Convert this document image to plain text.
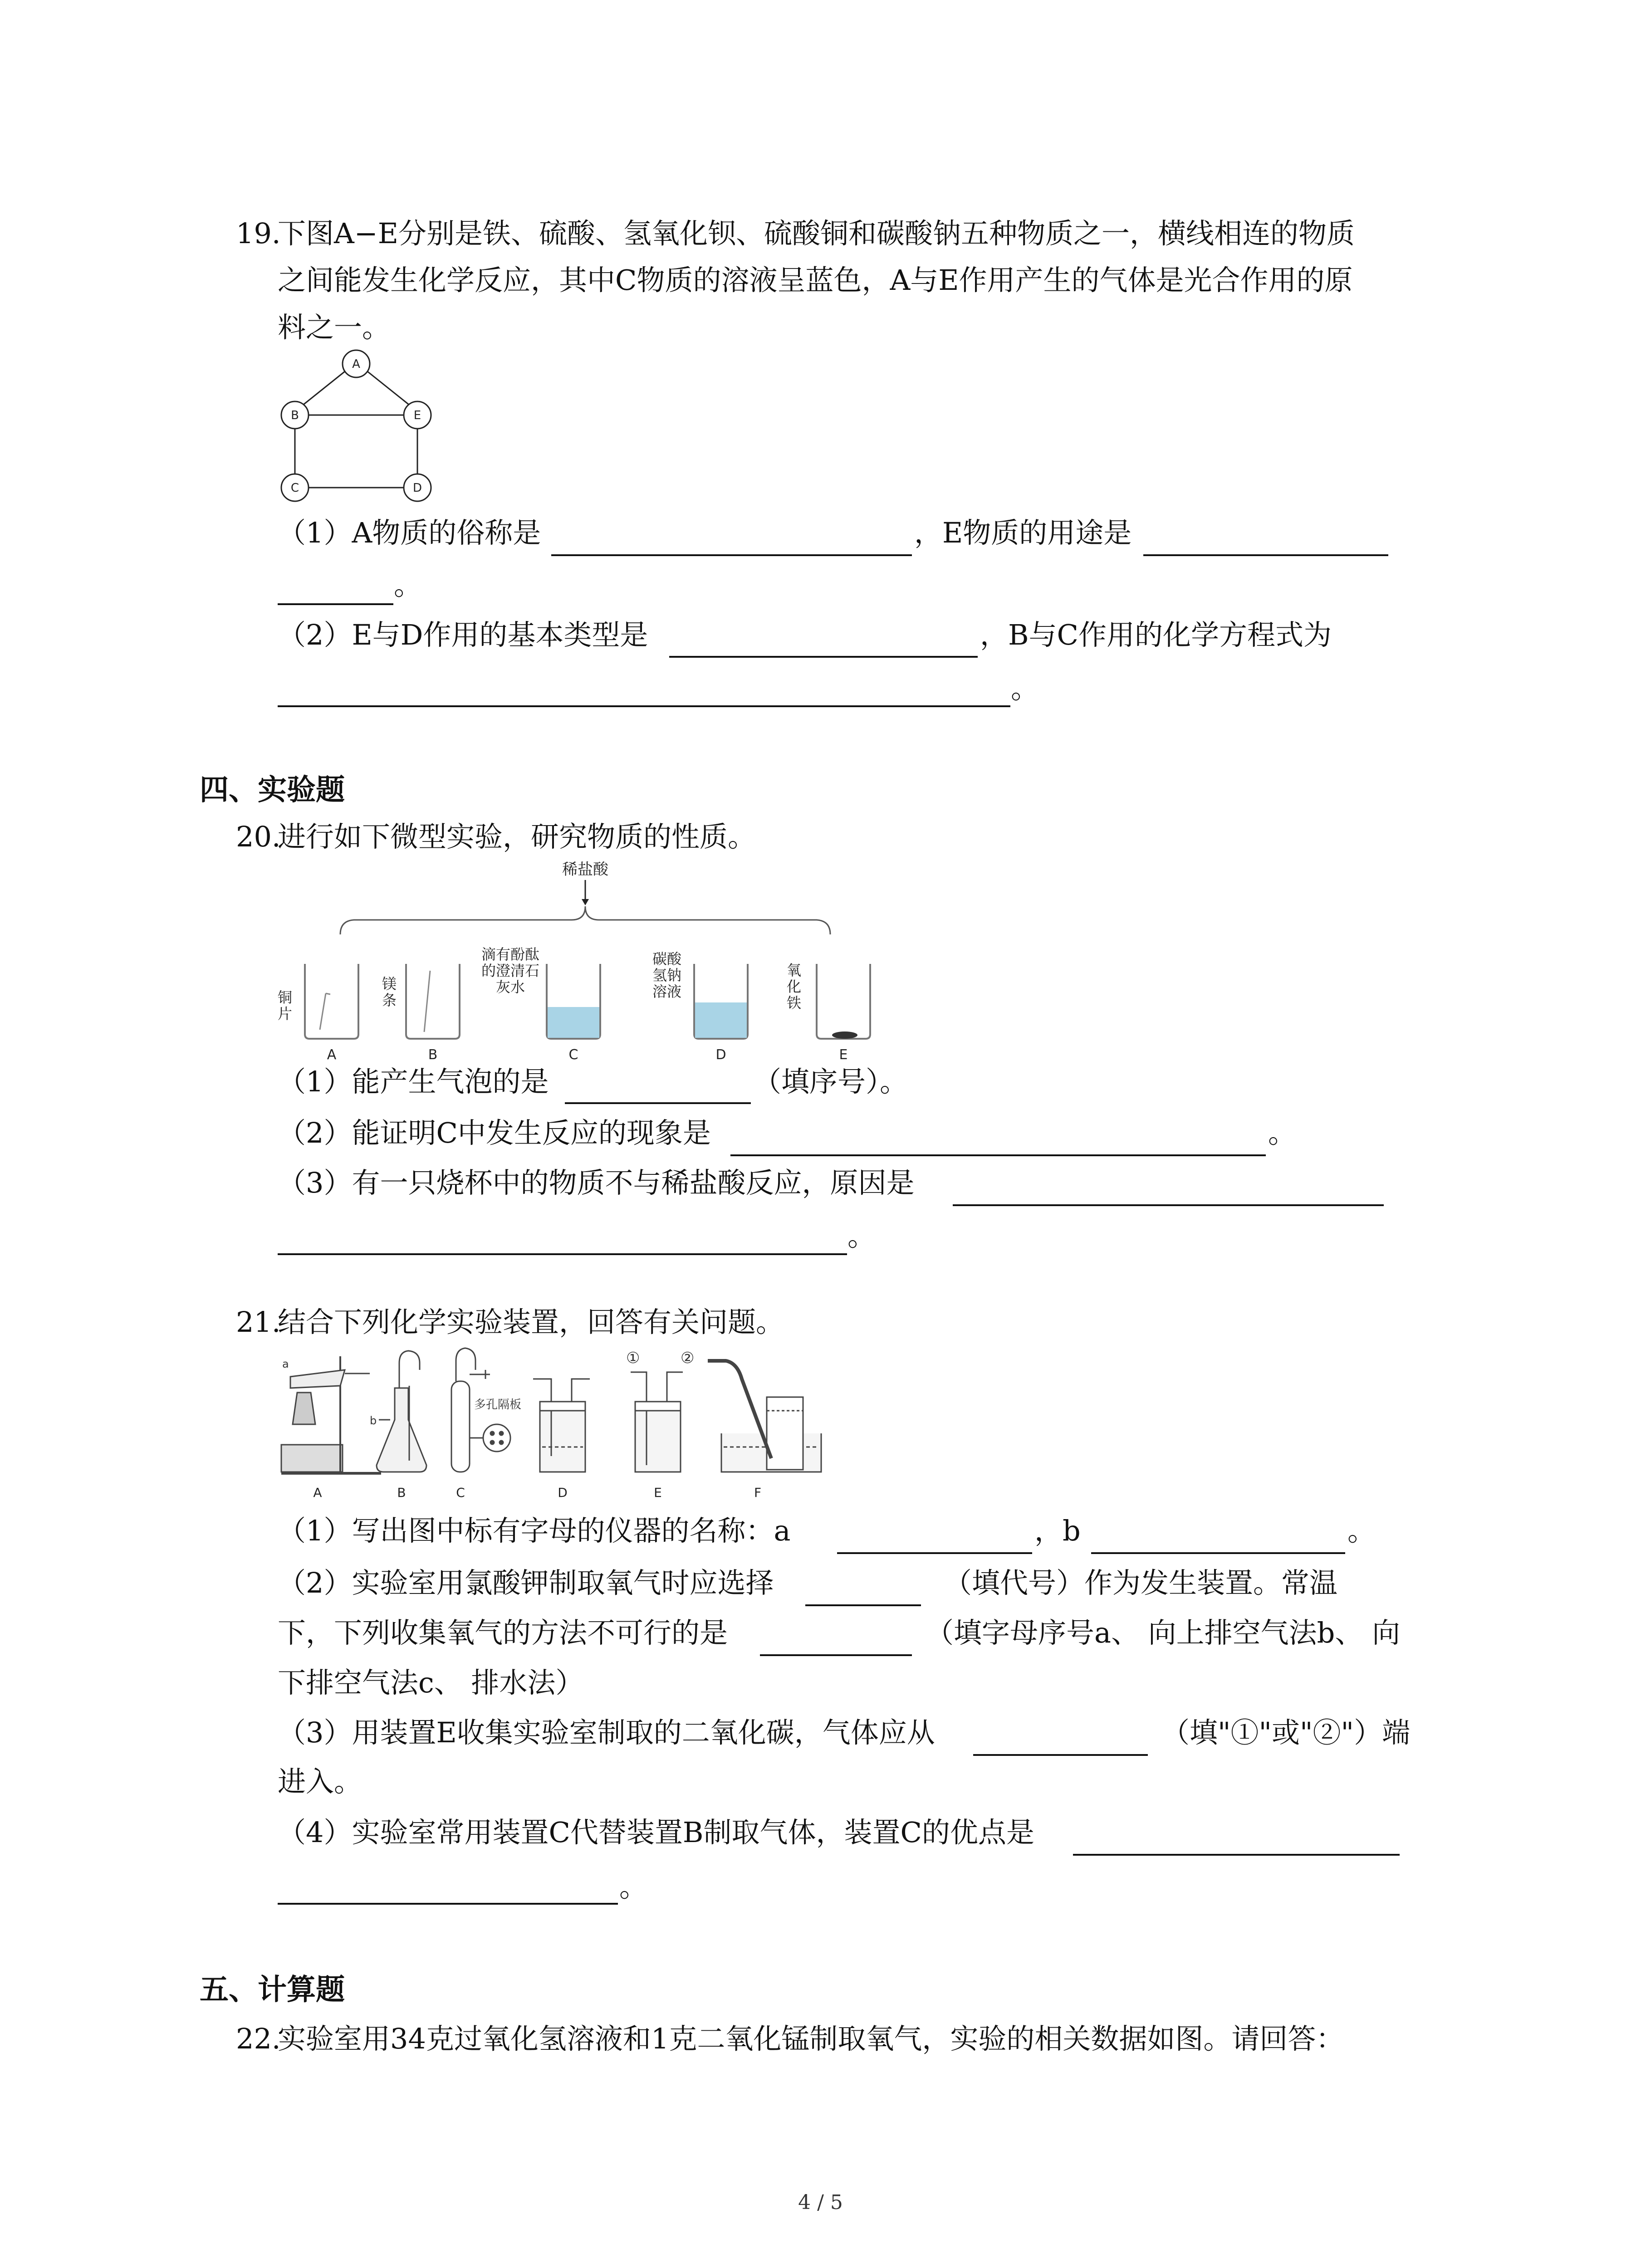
19.
下图A−E分别是铁、硫酸、氢氧化钡、硫酸铜和碳酸钠五种物质之一，横线相连的物质
之间能发生化学反应，其中C物质的溶液呈蓝色，A与E作用产生的气体是光合作用的原
料之一。
A
B	E
C	D
（1）A物质的俗称是	，E物质的用途是
。
（2）E与D作用的基本类型是	，B与C作用的化学方程式为
。
四、实验题
20.
进行如下微型实验，研究物质的性质。
稀盐酸
铜
片
镁
条
滴有酚酞
的澄清石
灰水
碳酸
氢钠
溶液
氧
化
铁
A	B	C	D	E
（1）能产生气泡的是	（填序号）。
（2）能证明C中发生反应的现象是	。
（3）有一只烧杯中的物质不与稀盐酸反应，原因是
。
21.
结合下列化学实验装置，回答有关问题。
a
b
多孔隔板
①	②
A	B	C	D	E	F
（1）写出图中标有字母的仪器的名称：a	，b	。
（2）实验室用氯酸钾制取氧气时应选择	（填代号）作为发生装置。常温
下，下列收集氧气的方法不可行的是	（填字母序号a、 向上排空气法b、 向
下排空气法c、 排水法）
（3）用装置E收集实验室制取的二氧化碳，气体应从	（填"①"或"②"）端
进入。
（4）实验室常用装置C代替装置B制取气体，装置C的优点是
。
五、计算题
22.
实验室用34克过氧化氢溶液和1克二氧化锰制取氧气，实验的相关数据如图。请回答：
4 / 5
